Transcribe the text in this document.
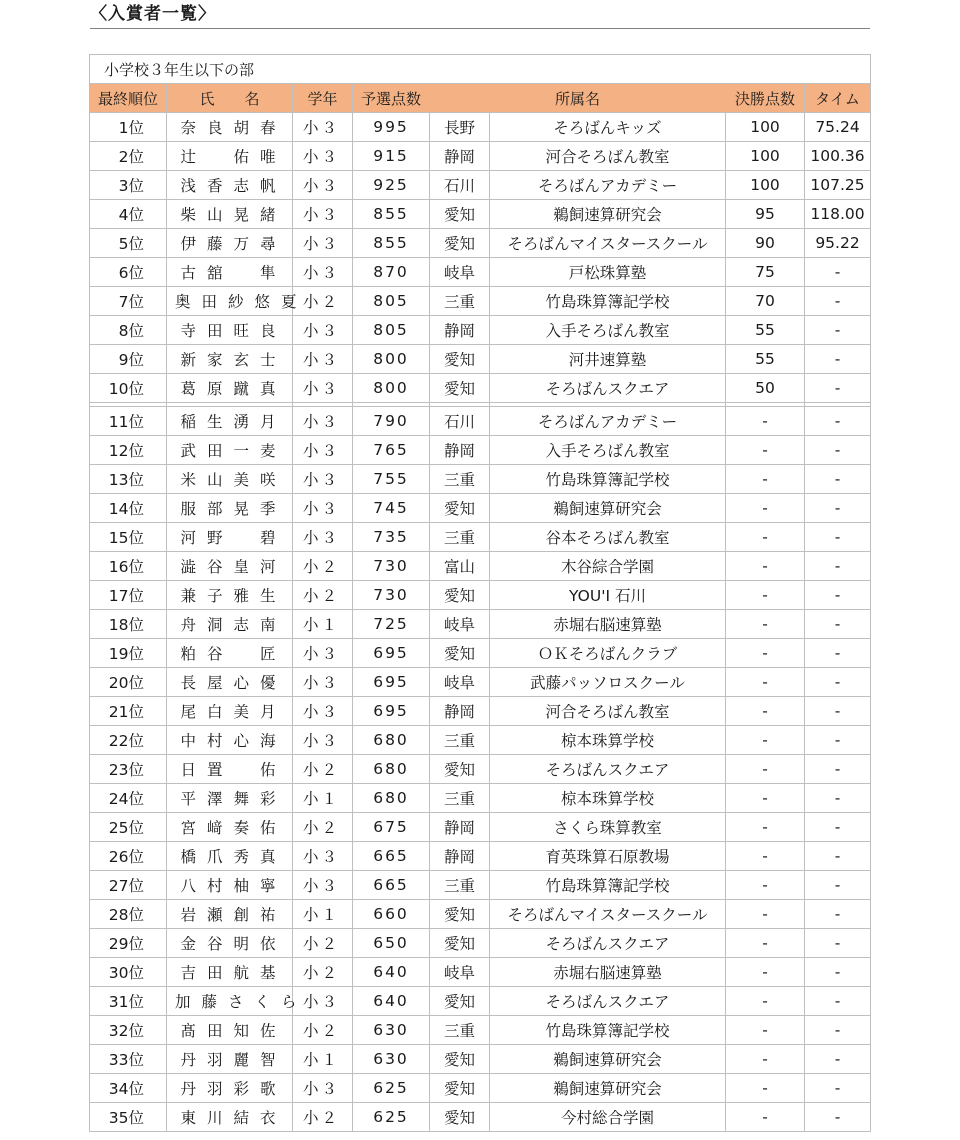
〈入賞者一覧〉
小学校３年生以下の部							
最終順位	氏　　名	学年	予選点数	所属名		決勝点数	タイム
1位	奈良胡春	小３	995	長野	そろばんキッズ	100	75.24
2位	辻　佑唯	小３	915	静岡	河合そろばん教室	100	100.36
3位	浅香志帆	小３	925	石川	そろばんアカデミー	100	107.25
4位	柴山晃緒	小３	855	愛知	鵜飼速算研究会	95	118.00
5位	伊藤万尋	小３	855	愛知	そろばんマイスタースクール	90	95.22
6位	古舘　隼	小３	870	岐阜	戸松珠算塾	75	-
7位	奥田紗悠夏	小２	805	三重	竹島珠算簿記学校	70	-
8位	寺田旺良	小３	805	静岡	入手そろばん教室	55	-
9位	新家玄士	小３	800	愛知	河井速算塾	55	-
10位	葛原蹴真	小３	800	愛知	そろばんスクエア	50	-

11位	稲生湧月	小３	790	石川	そろばんアカデミー	-	-
12位	武田一麦	小３	765	静岡	入手そろばん教室	-	-
13位	米山美咲	小３	755	三重	竹島珠算簿記学校	-	-
14位	服部晃季	小３	745	愛知	鵜飼速算研究会	-	-
15位	河野　碧	小３	735	三重	谷本そろばん教室	-	-
16位	澁谷皇河	小２	730	富山	木谷綜合学園	-	-
17位	兼子雅生	小２	730	愛知	YOU'I 石川	-	-
18位	舟洞志南	小１	725	岐阜	赤堀右脳速算塾	-	-
19位	粕谷　匠	小３	695	愛知	ＯＫそろばんクラブ	-	-
20位	長屋心優	小３	695	岐阜	武藤パッソロスクール	-	-
21位	尾白美月	小３	695	静岡	河合そろばん教室	-	-
22位	中村心海	小３	680	三重	椋本珠算学校	-	-
23位	日置　佑	小２	680	愛知	そろばんスクエア	-	-
24位	平澤舞彩	小１	680	三重	椋本珠算学校	-	-
25位	宮﨑奏佑	小２	675	静岡	さくら珠算教室	-	-
26位	橋爪秀真	小３	665	静岡	育英珠算石原教場	-	-
27位	八村柚寧	小３	665	三重	竹島珠算簿記学校	-	-
28位	岩瀬創祐	小１	660	愛知	そろばんマイスタースクール	-	-
29位	金谷明依	小２	650	愛知	そろばんスクエア	-	-
30位	吉田航基	小２	640	岐阜	赤堀右脳速算塾	-	-
31位	加藤さくら	小３	640	愛知	そろばんスクエア	-	-
32位	髙田知佐	小２	630	三重	竹島珠算簿記学校	-	-
33位	丹羽麗智	小１	630	愛知	鵜飼速算研究会	-	-
34位	丹羽彩歌	小３	625	愛知	鵜飼速算研究会	-	-
35位	東川結衣	小２	625	愛知	今村総合学園	-	-
